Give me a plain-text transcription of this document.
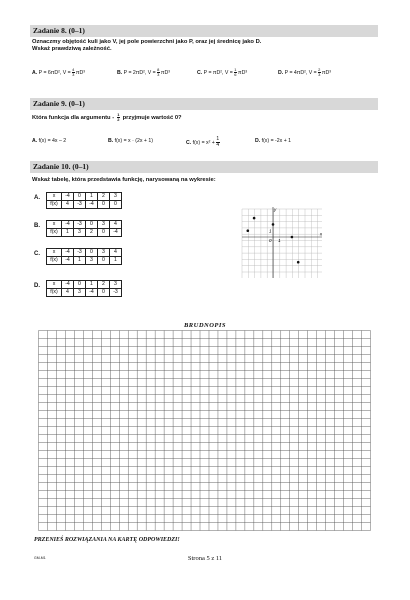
Zadanie 8. (0–1)
Oznaczmy objętość kuli jako V, jej pole powierzchni jako P, oraz jej średnicę jako D.
Wskaż prawdziwą zależność.
A. P = 6πD², $V = \frac{4}{3} \pi D^3$	B. P = 2πD², $V = \frac{8}{3} \pi D^3$	C. P = πD², $V = \frac{1}{6} \pi D^3$	D. P = 4πD², $V = \frac{2}{3} \pi D^3$
Zadanie 9. (0–1)
Która funkcja dla argumentu - $\frac{1}{2}$ przyjmuje wartość 0?
A. f(x) = 4x – 2	B. f(x) = x · (2x + 1)	C. $f(x) = x^2 + \frac{1}{4}$	D. f(x) = -2x + 1
Zadanie 10. (0–1)
Wskaż tabelę, która przedstawia funkcję, narysowaną na wykresie:
A. x	-4	0	1	2	3
f(x)	4	-3	-4	0	0
B. x	-4	-3	0	3	4
f(x)	1	3	2	0	-4
C. x	-4	-3	0	3	4
f(x)	-4	1	3	0	1
D. x	-4	0	1	2	3
f(x)	4	3	-4	0	-3
y
x
1
1
0
BRUDNOPIS
PRZENIEŚ ROZWIĄZANIA NA KARTĘ ODPOWIEDZI!
GM-M1	Strona 5 z 11
